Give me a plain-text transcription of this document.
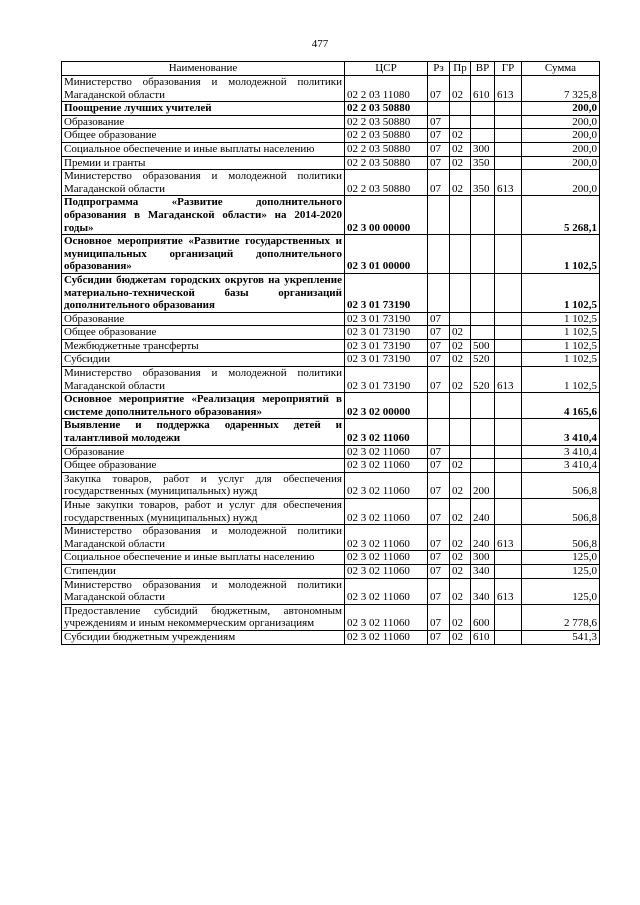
477
Наименование	ЦСР	Рз	Пр	ВР	ГР	Сумма
Министерство образования и молодежной политики Магаданской области	02 2 03 11080	07	02	610	613	7 325,8
Поощрение лучших учителей	02 2 03 50880					200,0
Образование	02 2 03 50880	07				200,0
Общее образование	02 2 03 50880	07	02			200,0
Социальное обеспечение и иные выплаты населению	02 2 03 50880	07	02	300		200,0
Премии и гранты	02 2 03 50880	07	02	350		200,0
Министерство образования и молодежной политики Магаданской области	02 2 03 50880	07	02	350	613	200,0
Подпрограмма «Развитие дополнительного образования в Магаданской области» на 2014-2020 годы»	02 3 00 00000					5 268,1
Основное мероприятие «Развитие государственных и муниципальных организаций дополнительного образования»	02 3 01 00000					1 102,5
Субсидии бюджетам городских округов на укрепление материально-технической базы организаций дополнительного образования	02 3 01 73190					1 102,5
Образование	02 3 01 73190	07				1 102,5
Общее образование	02 3 01 73190	07	02			1 102,5
Межбюджетные трансферты	02 3 01 73190	07	02	500		1 102,5
Субсидии	02 3 01 73190	07	02	520		1 102,5
Министерство образования и молодежной политики Магаданской области	02 3 01 73190	07	02	520	613	1 102,5
Основное мероприятие «Реализация мероприятий в системе дополнительного образования»	02 3 02 00000					4 165,6
Выявление и поддержка одаренных детей и талантливой молодежи	02 3 02 11060					3 410,4
Образование	02 3 02 11060	07				3 410,4
Общее образование	02 3 02 11060	07	02			3 410,4
Закупка товаров, работ и услуг для обеспечения государственных (муниципальных) нужд	02 3 02 11060	07	02	200		506,8
Иные закупки товаров, работ и услуг для обеспечения государственных (муниципальных) нужд	02 3 02 11060	07	02	240		506,8
Министерство образования и молодежной политики Магаданской области	02 3 02 11060	07	02	240	613	506,8
Социальное обеспечение и иные выплаты населению	02 3 02 11060	07	02	300		125,0
Стипендии	02 3 02 11060	07	02	340		125,0
Министерство образования и молодежной политики Магаданской области	02 3 02 11060	07	02	340	613	125,0
Предоставление субсидий бюджетным, автономным учреждениям и иным некоммерческим организациям	02 3 02 11060	07	02	600		2 778,6
Субсидии бюджетным учреждениям	02 3 02 11060	07	02	610		541,3
